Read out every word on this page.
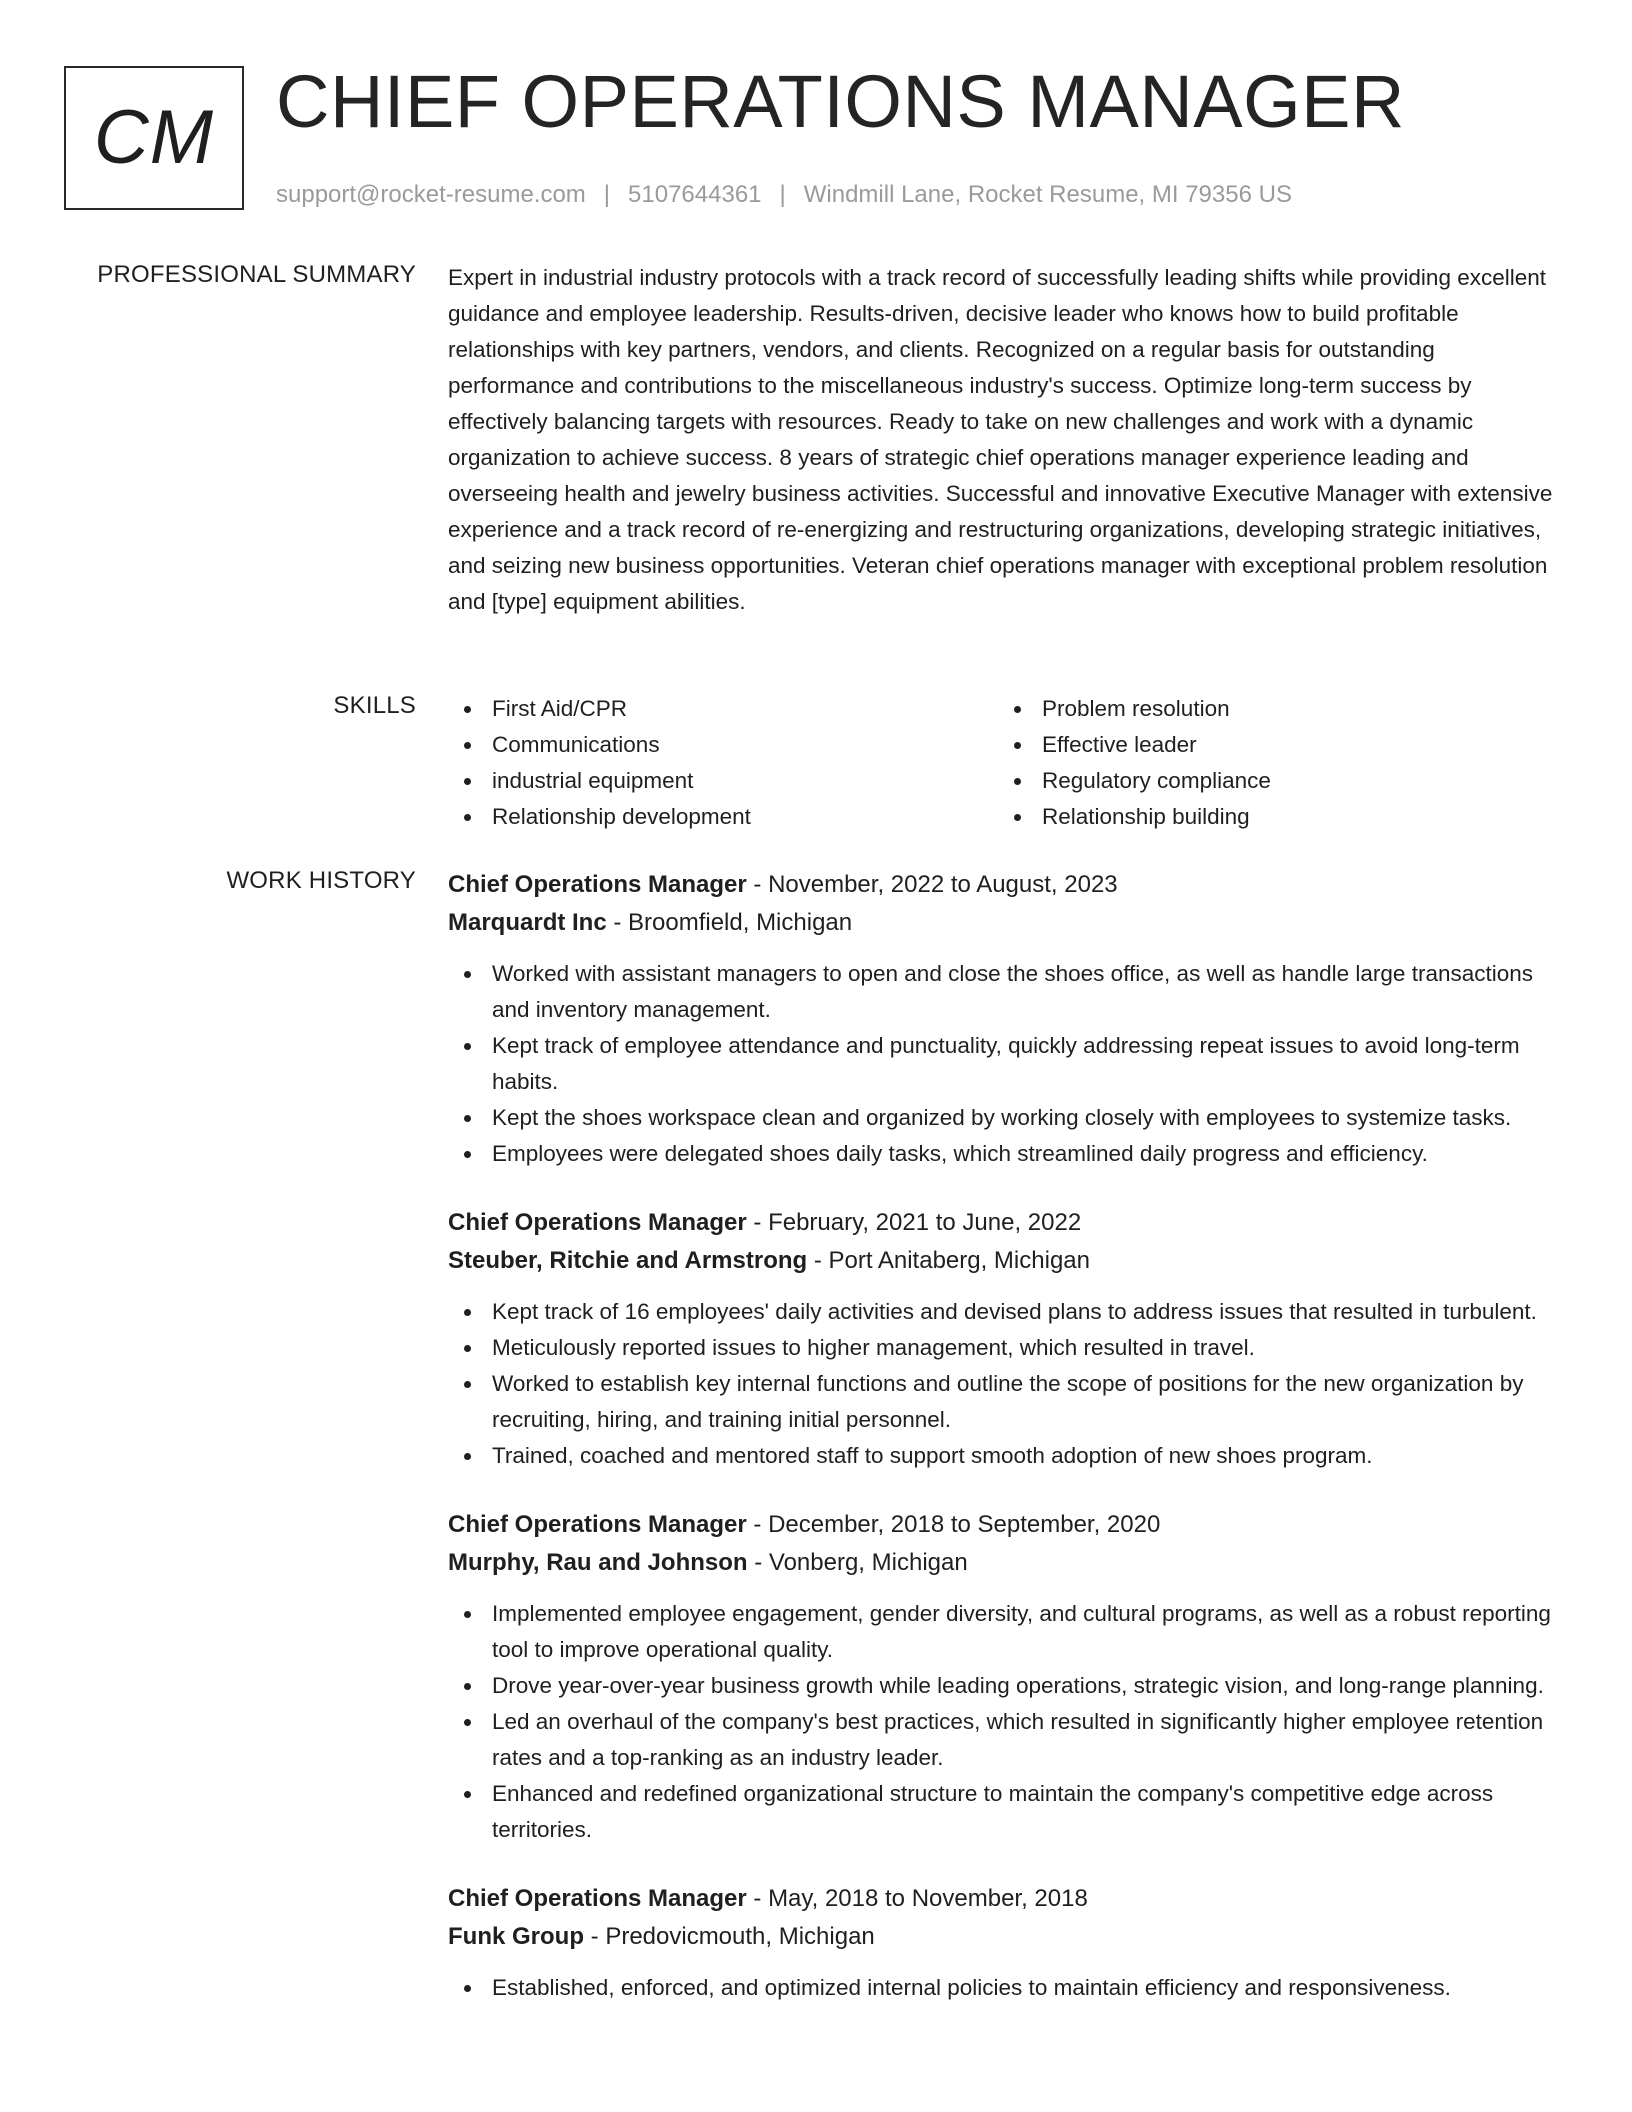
CM CHIEF OPERATIONS MANAGER
support@rocket-resume.com | 5107644361 | Windmill Lane, Rocket Resume, MI 79356 US
PROFESSIONAL SUMMARY Expert in industrial industry protocols with a track record of successfully leading shifts while providing excellent guidance and employee leadership. Results-driven, decisive leader who knows how to build profitable relationships with key partners, vendors, and clients. Recognized on a regular basis for outstanding performance and contributions to the miscellaneous industry's success. Optimize long-term success by effectively balancing targets with resources. Ready to take on new challenges and work with a dynamic organization to achieve success. 8 years of strategic chief operations manager experience leading and overseeing health and jewelry business activities. Successful and innovative Executive Manager with extensive experience and a track record of re-energizing and restructuring organizations, developing strategic initiatives, and seizing new business opportunities. Veteran chief operations manager with exceptional problem resolution and [type] equipment abilities.

SKILLS	First Aid/CPR
Communications
industrial equipment
Relationship development
Problem resolution
Effective leader
Regulatory compliance
Relationship building
WORK HISTORY Chief Operations Manager - November, 2022 to August, 2023
Marquardt Inc - Broomfield, Michigan
Worked with assistant managers to open and close the shoes office, as well as handle large transactions and inventory management.
Kept track of employee attendance and punctuality, quickly addressing repeat issues to avoid long-term habits.
Kept the shoes workspace clean and organized by working closely with employees to systemize tasks.
Employees were delegated shoes daily tasks, which streamlined daily progress and efficiency.
Chief Operations Manager - February, 2021 to June, 2022
Steuber, Ritchie and Armstrong - Port Anitaberg, Michigan
Kept track of 16 employees' daily activities and devised plans to address issues that resulted in turbulent.
Meticulously reported issues to higher management, which resulted in travel.
Worked to establish key internal functions and outline the scope of positions for the new organization by recruiting, hiring, and training initial personnel.
Trained, coached and mentored staff to support smooth adoption of new shoes program.
Chief Operations Manager - December, 2018 to September, 2020
Murphy, Rau and Johnson - Vonberg, Michigan
Implemented employee engagement, gender diversity, and cultural programs, as well as a robust reporting tool to improve operational quality.
Drove year-over-year business growth while leading operations, strategic vision, and long-range planning.
Led an overhaul of the company's best practices, which resulted in significantly higher employee retention rates and a top-ranking as an industry leader.
Enhanced and redefined organizational structure to maintain the company's competitive edge across territories.
Chief Operations Manager - May, 2018 to November, 2018
Funk Group - Predovicmouth, Michigan
Established, enforced, and optimized internal policies to maintain efficiency and responsiveness.
